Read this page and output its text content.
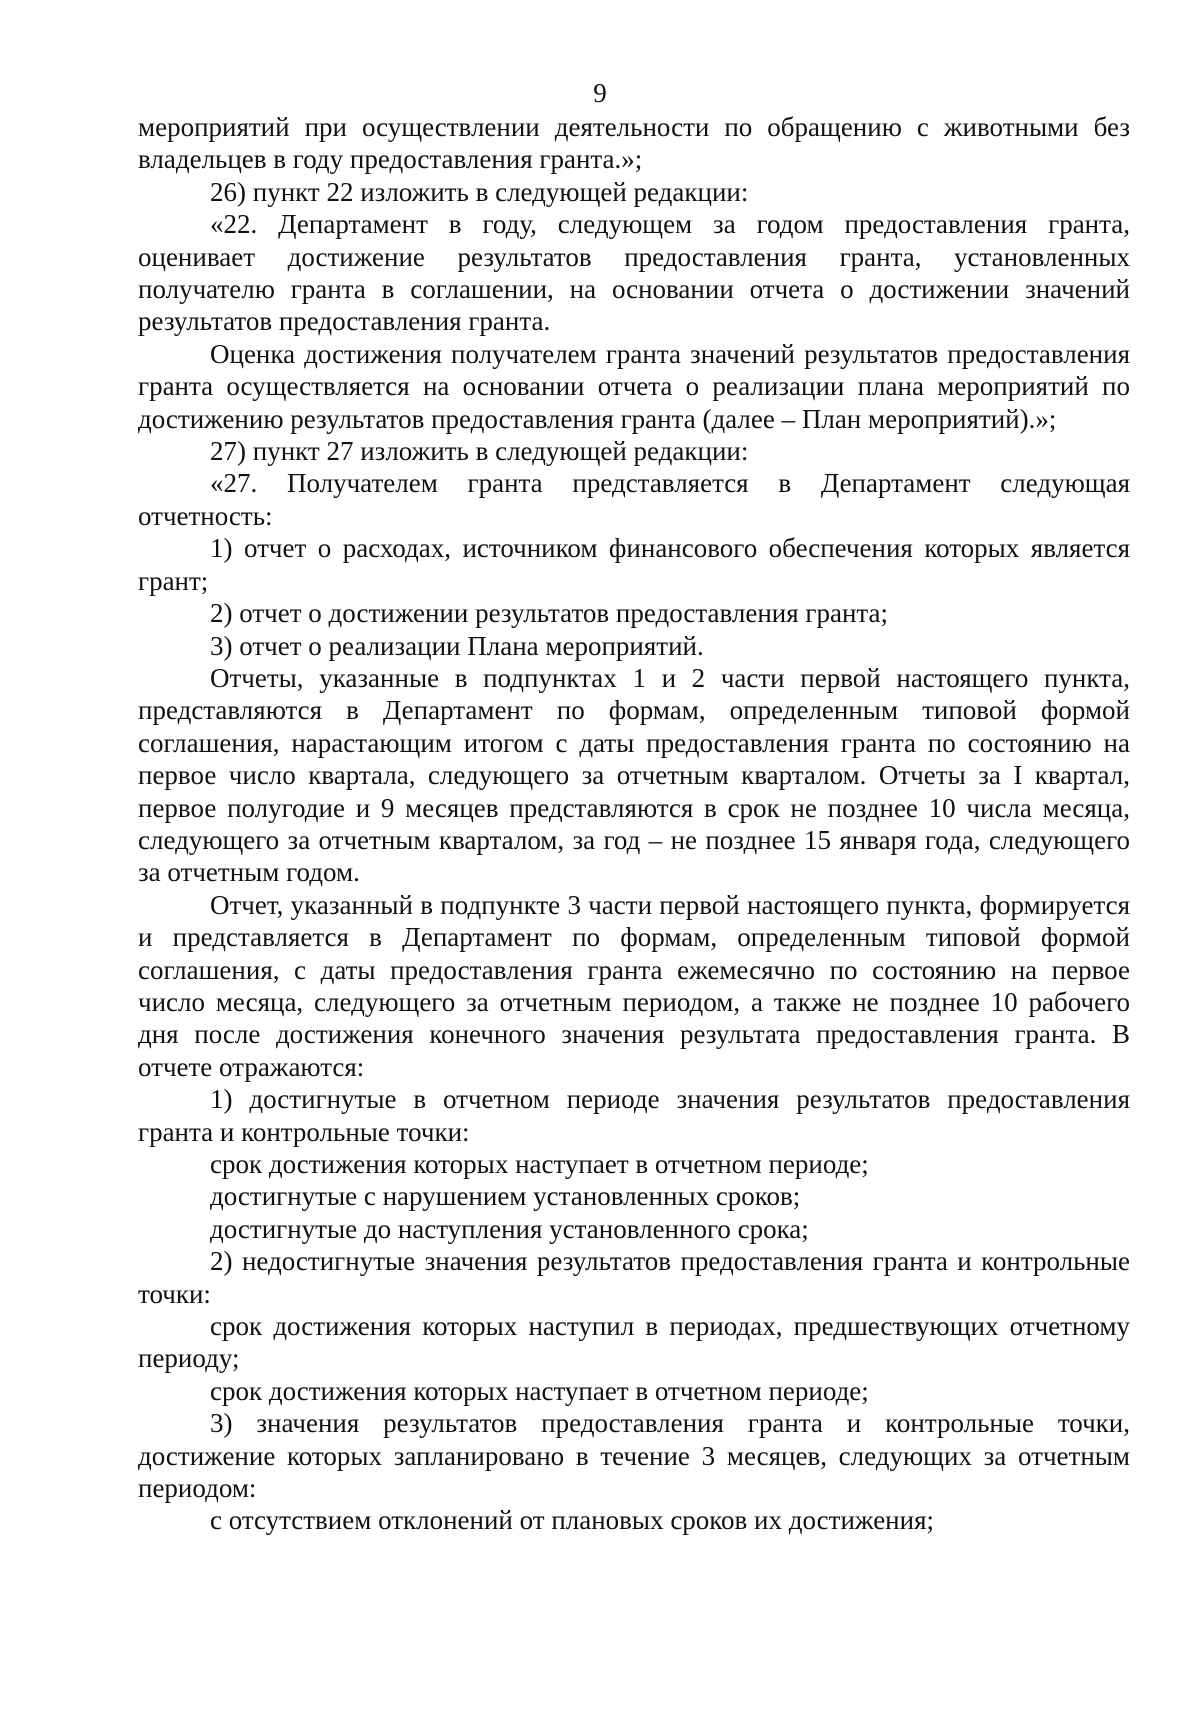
9

мероприятий при осуществлении деятельности по обращению с животными без владельцев в году предоставления гранта.»;

26) пункт 22 изложить в следующей редакции:

«22. Департамент в году, следующем за годом предоставления гранта, оценивает достижение результатов предоставления гранта, установленных получателю гранта в соглашении, на основании отчета о достижении значений результатов предоставления гранта.

Оценка достижения получателем гранта значений результатов предоставления гранта осуществляется на основании отчета о реализации плана мероприятий по достижению результатов предоставления гранта (далее – План мероприятий).»;

27) пункт 27 изложить в следующей редакции:

«27. Получателем гранта представляется в Департамент следующая отчетность:

1) отчет о расходах, источником финансового обеспечения которых является грант;

2) отчет о достижении результатов предоставления гранта;

3) отчет о реализации Плана мероприятий.

Отчеты, указанные в подпунктах 1 и 2 части первой настоящего пункта, представляются в Департамент по формам, определенным типовой формой соглашения, нарастающим итогом с даты предоставления гранта по состоянию на первое число квартала, следующего за отчетным кварталом. Отчеты за I квартал, первое полугодие и 9 месяцев представляются в срок не позднее 10 числа месяца, следующего за отчетным кварталом, за год – не позднее 15 января года, следующего за отчетным годом.

Отчет, указанный в подпункте 3 части первой настоящего пункта, формируется и представляется в Департамент по формам, определенным типовой формой соглашения, с даты предоставления гранта ежемесячно по состоянию на первое число месяца, следующего за отчетным периодом, а также не позднее 10 рабочего дня после достижения конечного значения результата предоставления гранта. В отчете отражаются:

1) достигнутые в отчетном периоде значения результатов предоставления гранта и контрольные точки:

срок достижения которых наступает в отчетном периоде;

достигнутые с нарушением установленных сроков;

достигнутые до наступления установленного срока;

2) недостигнутые значения результатов предоставления гранта и контрольные точки:

срок достижения которых наступил в периодах, предшествующих отчетному периоду;

срок достижения которых наступает в отчетном периоде;

3) значения результатов предоставления гранта и контрольные точки, достижение которых запланировано в течение 3 месяцев, следующих за отчетным периодом:

с отсутствием отклонений от плановых сроков их достижения;
